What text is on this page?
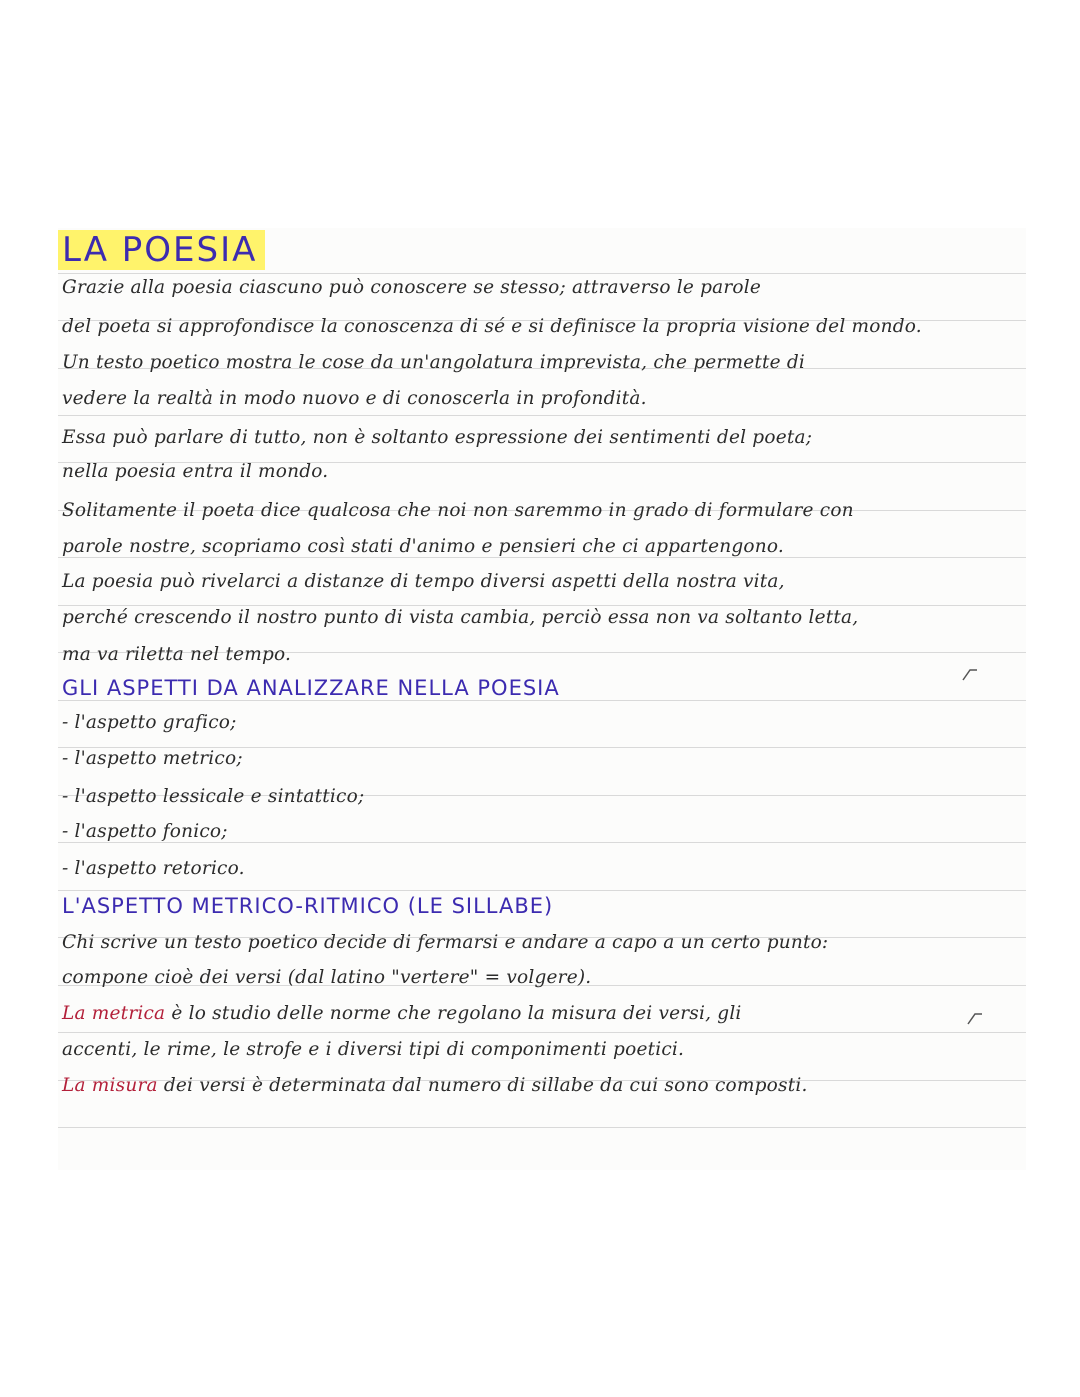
LA POESIA
Grazie alla poesia ciascuno può conoscere se stesso; attraverso le parole
del poeta si approfondisce la conoscenza di sé e si definisce la propria visione del mondo.
Un testo poetico mostra le cose da un'angolatura imprevista, che permette di
vedere la realtà in modo nuovo e di conoscerla in profondità.
Essa può parlare di tutto, non è soltanto espressione dei sentimenti del poeta;
nella poesia entra il mondo.
Solitamente il poeta dice qualcosa che noi non saremmo in grado di formulare con
parole nostre, scopriamo così stati d'animo e pensieri che ci appartengono.
La poesia può rivelarci a distanze di tempo diversi aspetti della nostra vita,
perché crescendo il nostro punto di vista cambia, perciò essa non va soltanto letta,
ma va riletta nel tempo.
GLI ASPETTI DA ANALIZZARE NELLA POESIA
- l'aspetto grafico;
- l'aspetto metrico;
- l'aspetto lessicale e sintattico;
- l'aspetto fonico;
- l'aspetto retorico.
L'ASPETTO METRICO-RITMICO (LE SILLABE)
Chi scrive un testo poetico decide di fermarsi e andare a capo a un certo punto:
compone cioè dei versi (dal latino "vertere" = volgere).
La metrica è lo studio delle norme che regolano la misura dei versi, gli
accenti, le rime, le strofe e i diversi tipi di componimenti poetici.
La misura dei versi è determinata dal numero di sillabe da cui sono composti.
